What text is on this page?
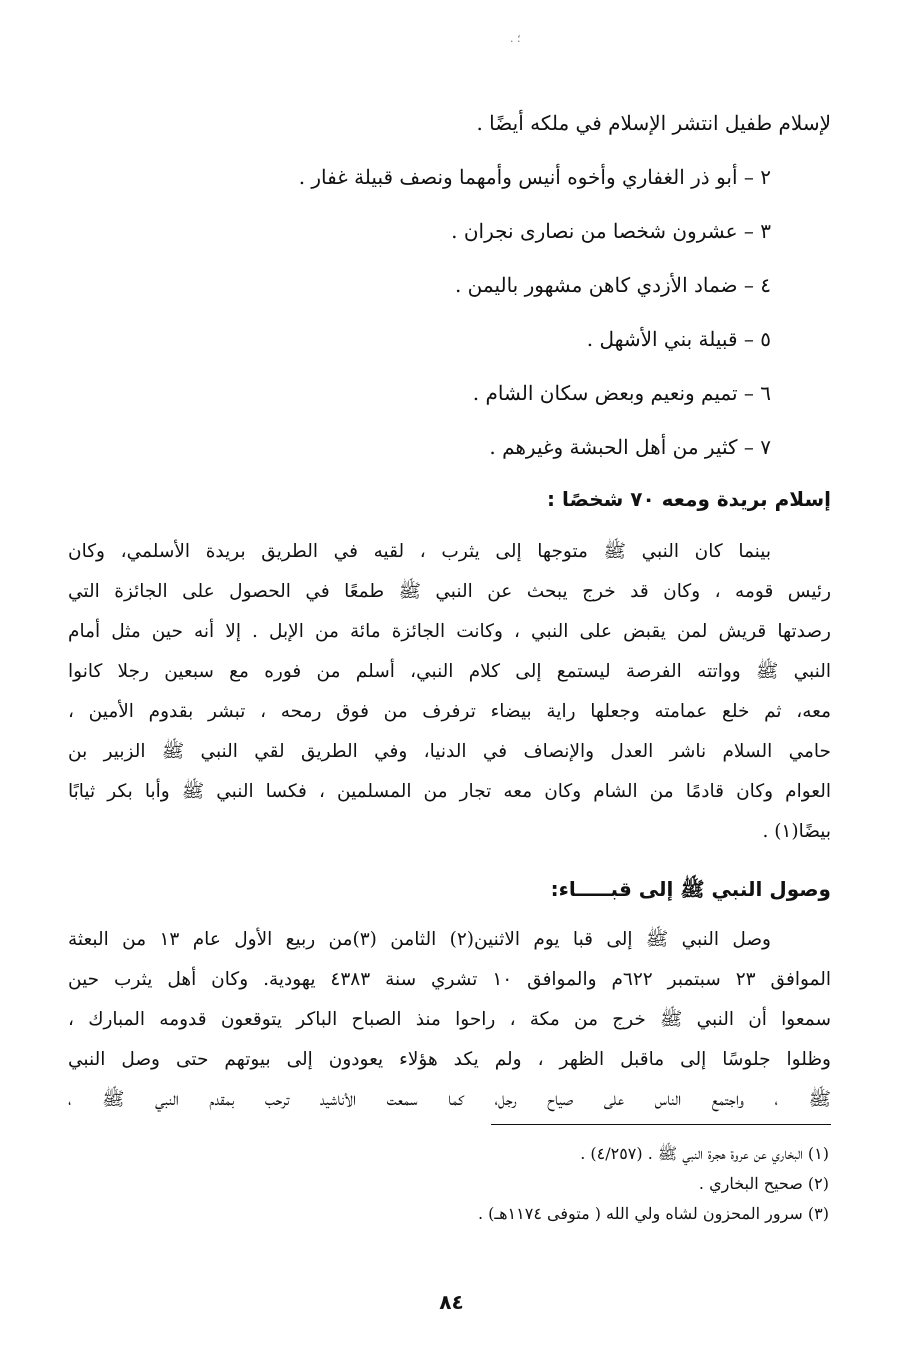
؛ .
لإسلام طفيل انتشر الإسلام في ملكه أيضًا .
٢ – أبو ذر الغفاري وأخوه أنيس وأمهما ونصف قبيلة غفار .
٣ – عشرون شخصا من نصارى نجران .
٤ – ضماد الأزدي كاهن مشهور باليمن .
٥ – قبيلة بني الأشهل .
٦ – تميم ونعيم وبعض سكان الشام .
٧ – كثير من أهل الحبشة وغيرهم .
إسلام بريدة ومعه ٧٠ شخصًا :
بينما كان النبي ﷺ متوجها إلى يثرب ، لقيه في الطريق بريدة الأسلمي، وكان
رئيس قومه ، وكان قد خرج يبحث عن النبي ﷺ طمعًا في الحصول على الجائزة التي
رصدتها قريش لمن يقبض على النبي ، وكانت الجائزة مائة من الإبل . إلا أنه حين مثل أمام
النبي ﷺ وواتته الفرصة ليستمع إلى كلام النبي، أسلم من فوره مع سبعين رجلا كانوا
معه، ثم خلع عمامته وجعلها راية بيضاء ترفرف من فوق رمحه ، تبشر بقدوم الأمين ،
حامي السلام ناشر العدل والإنصاف في الدنيا، وفي الطريق لقي النبي ﷺ الزبير بن
العوام وكان قادمًا من الشام وكان معه تجار من المسلمين ، فكسا النبي ﷺ وأبا بكر ثيابًا
بيضًا(١) .
وصول النبي ﷺ إلى قبـــــاء:
وصل النبي ﷺ إلى قبا يوم الاثنين(٢) الثامن (٣)من ربيع الأول عام ١٣ من البعثة
الموافق ٢٣ سبتمبر ٦٢٢م والموافق ١٠ تشري سنة ٤٣٨٣ يهودية. وكان أهل يثرب حين
سمعوا أن النبي ﷺ خرج من مكة ، راحوا منذ الصباح الباكر يتوقعون قدومه المبارك ،
وظلوا جلوسًا إلى ماقبل الظهر ، ولم يكد هؤلاء يعودون إلى بيوتهم حتى وصل النبي
ﷺ ، واجتمع الناس على صياح رجل، كما سمعت الأناشيد ترحب بمقدم النبي ﷺ ،
(١) البخاري عن عروة هجرة النبي ﷺ . (٤/٢٥٧) .
(٢) صحيح البخاري .
(٣) سرور المحزون لشاه ولي الله ( متوفى ١١٧٤هـ) .
٨٤
